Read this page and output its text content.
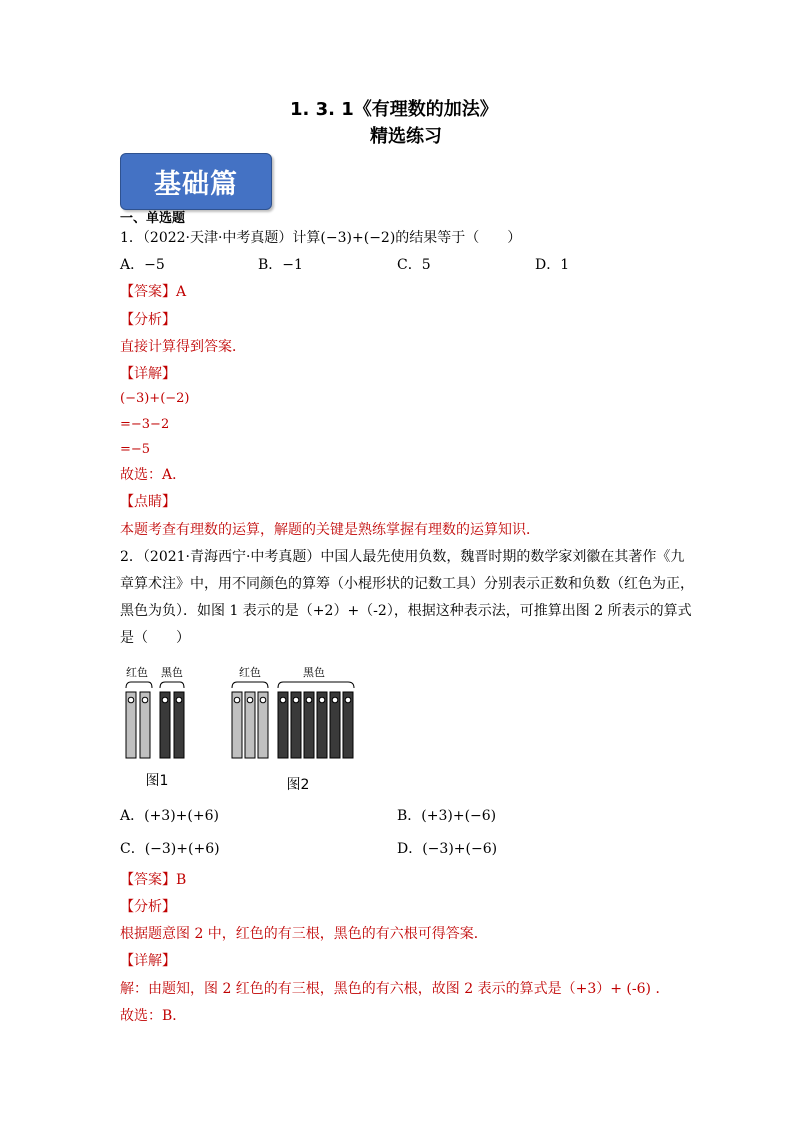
1. 3. 1《有理数的加法》
精选练习
基础篇
一、单选题
1．（2022·天津·中考真题）计算(−3)+(−2)的结果等于（　　）
A．−5	B．−1	C．5	D．1
【答案】A
【分析】
直接计算得到答案．
【详解】
(−3)+(−2)
=−3−2
=−5
故选：A．
【点睛】
本题考查有理数的运算，解题的关键是熟练掌握有理数的运算知识．
2．（2021·青海西宁·中考真题）中国人最先使用负数，魏晋时期的数学家刘徽在其著作《九
章算术注》中，用不同颜色的算筹（小棍形状的记数工具）分别表示正数和负数（红色为正，
黑色为负）．如图 1 表示的是（+2）+（-2），根据这种表示法，可推算出图 2 所表示的算式
是（　　）
红色 黑色	红色	黑色
图1	图2
A．(+3)+(+6)	B．(+3)+(−6)
C．(−3)+(+6)	D．(−3)+(−6)
【答案】B
【分析】
根据题意图 2 中，红色的有三根，黑色的有六根可得答案．
【详解】
解：由题知，图 2 红色的有三根，黑色的有六根，故图 2 表示的算式是（+3）+ (-6) ．
故选：B．
